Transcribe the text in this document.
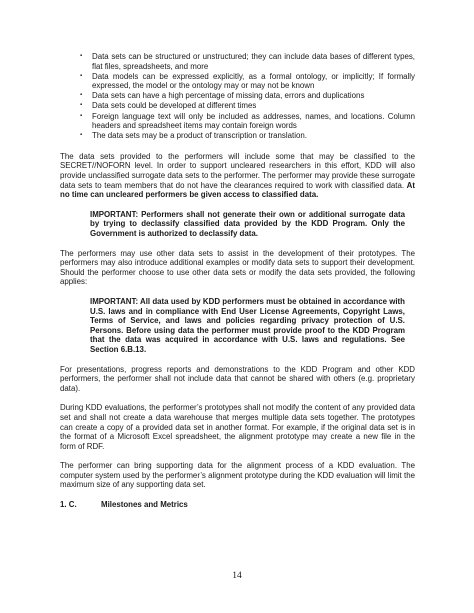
▪ Data sets can be structured or unstructured; they can include data bases of different types, flat files, spreadsheets, and more
▪ Data models can be expressed explicitly, as a formal ontology, or implicitly; If formally expressed, the model or the ontology may or may not be known
▪ Data sets can have a high percentage of missing data, errors and duplications
▪ Data sets could be developed at different times
▪ Foreign language text will only be included as addresses, names, and locations. Column headers and spreadsheet items may contain foreign words
▪ The data sets may be a product of transcription or translation.

The data sets provided to the performers will include some that may be classified to the SECRET//NOFORN level. In order to support uncleared researchers in this effort, KDD will also provide unclassified surrogate data sets to the performer. The performer may provide these surrogate data sets to team members that do not have the clearances required to work with classified data. At no time can uncleared performers be given access to classified data.

IMPORTANT: Performers shall not generate their own or additional surrogate data by trying to declassify classified data provided by the KDD Program. Only the Government is authorized to declassify data.

The performers may use other data sets to assist in the development of their prototypes. The performers may also introduce additional examples or modify data sets to support their development. Should the performer choose to use other data sets or modify the data sets provided, the following applies:

IMPORTANT: All data used by KDD performers must be obtained in accordance with U.S. laws and in compliance with End User License Agreements, Copyright Laws, Terms of Service, and laws and policies regarding privacy protection of U.S. Persons. Before using data the performer must provide proof to the KDD Program that the data was acquired in accordance with U.S. laws and regulations. See Section 6.B.13.

For presentations, progress reports and demonstrations to the KDD Program and other KDD performers, the performer shall not include data that cannot be shared with others (e.g. proprietary data).

During KDD evaluations, the performer’s prototypes shall not modify the content of any provided data set and shall not create a data warehouse that merges multiple data sets together. The prototypes can create a copy of a provided data set in another format. For example, if the original data set is in the format of a Microsoft Excel spreadsheet, the alignment prototype may create a new file in the form of RDF.

The performer can bring supporting data for the alignment process of a KDD evaluation. The computer system used by the performer’s alignment prototype during the KDD evaluation will limit the maximum size of any supporting data set.

1. C.	Milestones and Metrics
14
